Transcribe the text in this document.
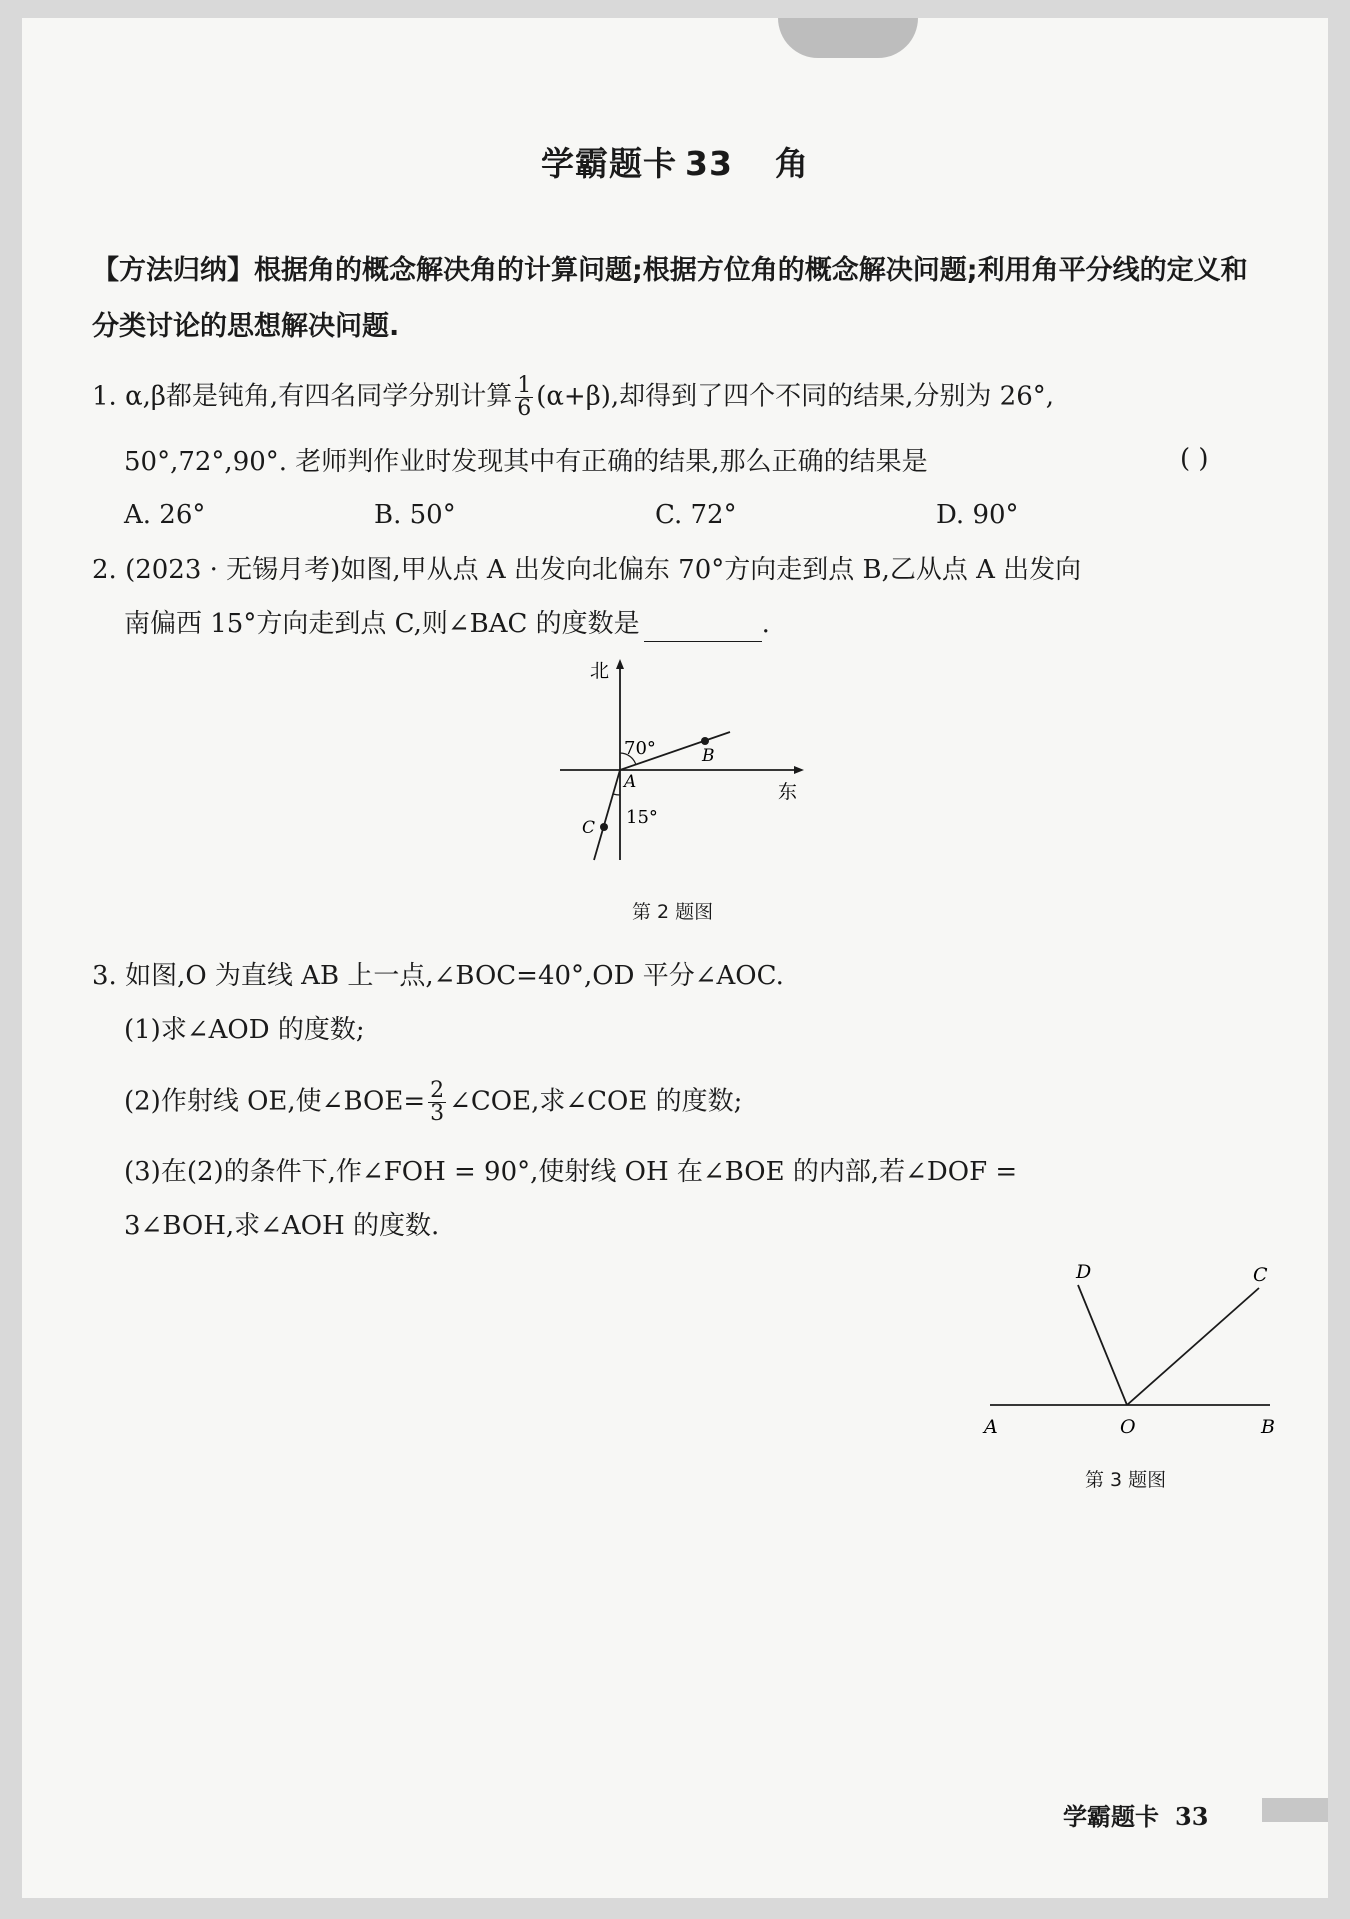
学霸题卡 33 角
【方法归纳】根据角的概念解决角的计算问题;根据方位角的概念解决问题;利用角平分线的定义和分类讨论的思想解决问题.
1. α,β都是钝角,有四名同学分别计算 $\frac{1}{6} (\alpha+\beta)$,却得到了四个不同的结果,分别为 26°,
50°,72°,90°. 老师判作业时发现其中有正确的结果,那么正确的结果是	( )
A. 26°	B. 50°	C. 72°	D. 90°
2. (2023 · 无锡月考)如图,甲从点 A 出发向北偏东 70°方向走到点 B,乙从点 A 出发向
南偏西 15°方向走到点 C,则∠BAC 的度数是	.
北
东
70°
15°
A
B
C
第 2 题图
3. 如图,O 为直线 AB 上一点,∠BOC=40°,OD 平分∠AOC.
(1)求∠AOD 的度数;
(2)作射线 OE,使∠BOE= $\frac{2}{3}$ ∠COE,求∠COE 的度数;
(3)在(2)的条件下,作∠FOH = 90°,使射线 OH 在∠BOE 的内部,若∠DOF =
3∠BOH,求∠AOH 的度数.
D	C
A	O	B
第 3 题图
学霸题卡 33
